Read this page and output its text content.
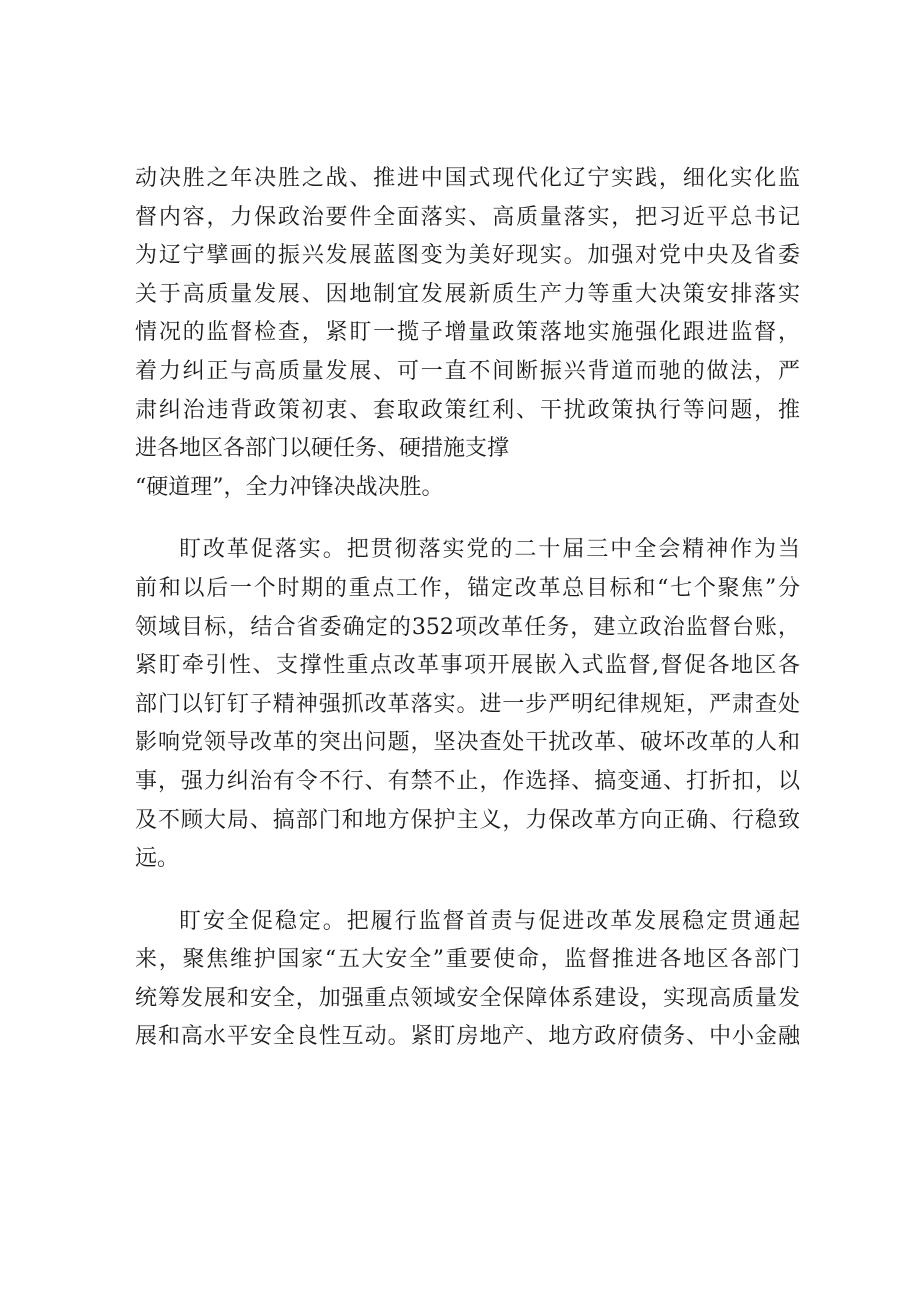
动决胜之年决胜之战、推进中国式现代化辽宁实践，细化实化监
督内容，力保政治要件全面落实、高质量落实，把习近平总书记
为辽宁擘画的振兴发展蓝图变为美好现实。加强对党中央及省委
关于高质量发展、因地制宜发展新质生产力等重大决策安排落实
情况的监督检查，紧盯一揽子增量政策落地实施强化跟进监督，
着力纠正与高质量发展、可一直不间断振兴背道而驰的做法，严
肃纠治违背政策初衷、套取政策红利、干扰政策执行等问题，推
进各地区各部门以硬任务、硬措施支撑
“硬道理”，全力冲锋决战决胜。
盯改革促落实。把贯彻落实党的二十届三中全会精神作为当
前和以后一个时期的重点工作，锚定改革总目标和“七个聚焦”分
领域目标，结合省委确定的352项改革任务，建立政治监督台账，
紧盯牵引性、支撑性重点改革事项开展嵌入式监督,督促各地区各
部门以钉钉子精神强抓改革落实。进一步严明纪律规矩，严肃查处
影响党领导改革的突出问题，坚决查处干扰改革、破坏改革的人和
事，强力纠治有令不行、有禁不止，作选择、搞变通、打折扣，以
及不顾大局、搞部门和地方保护主义，力保改革方向正确、行稳致
远。
盯安全促稳定。把履行监督首责与促进改革发展稳定贯通起
来，聚焦维护国家“五大安全”重要使命，监督推进各地区各部门
统筹发展和安全，加强重点领域安全保障体系建设，实现高质量发
展和高水平安全良性互动。紧盯房地产、地方政府债务、中小金融
